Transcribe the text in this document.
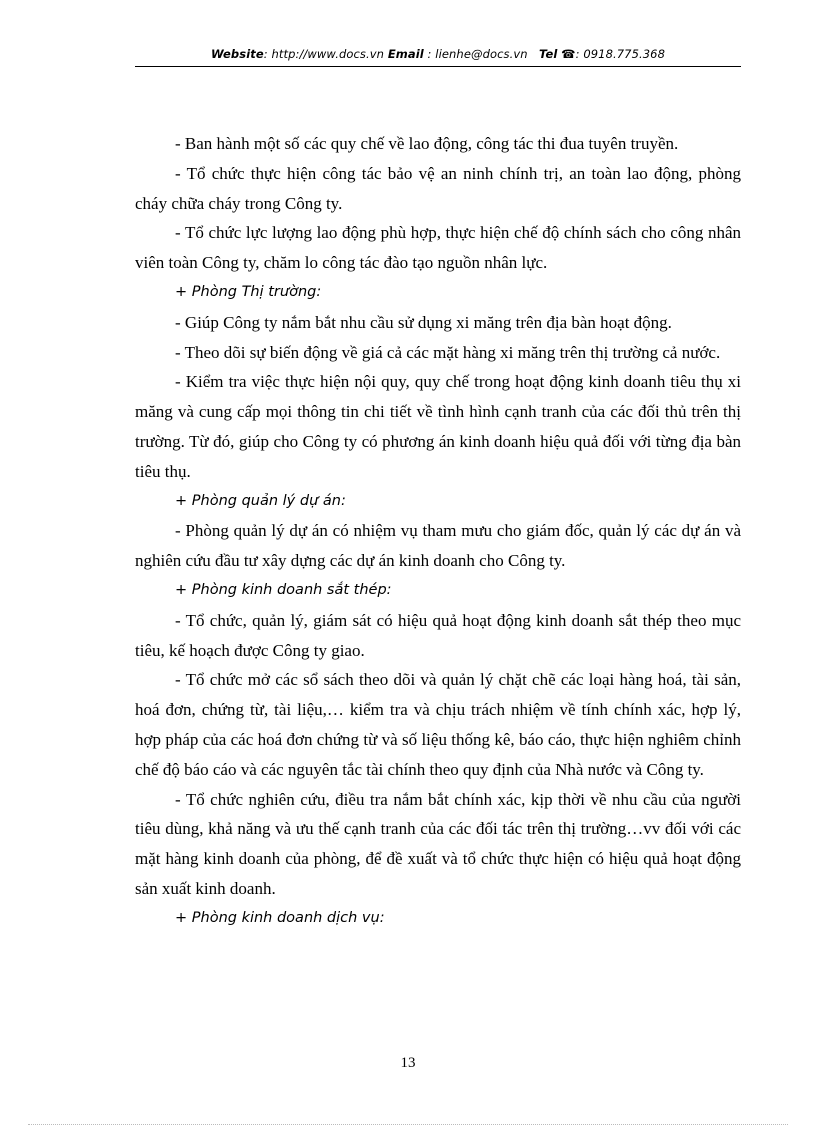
Website: http://www.docs.vn Email : lienhe@docs.vn Tel ☎: 0918.775.368

- Ban hành một số các quy chế về lao động, công tác thi đua tuyên truyền.

- Tổ chức thực hiện công tác bảo vệ an ninh chính trị, an toàn lao động, phòng cháy chữa cháy trong Công ty.

- Tổ chức lực lượng lao động phù hợp, thực hiện chế độ chính sách cho công nhân viên toàn Công ty, chăm lo công tác đào tạo nguồn nhân lực.

+ Phòng Thị trường:

- Giúp Công ty nắm bắt nhu cầu sử dụng xi măng trên địa bàn hoạt động.

- Theo dõi sự biến động về giá cả các mặt hàng xi măng trên thị trường cả nước.

- Kiểm tra việc thực hiện nội quy, quy chế trong hoạt động kinh doanh tiêu thụ xi măng và cung cấp mọi thông tin chi tiết về tình hình cạnh tranh của các đối thủ trên thị trường. Từ đó, giúp cho Công ty có phương án kinh doanh hiệu quả đối với từng địa bàn tiêu thụ.

+ Phòng quản lý dự án:

- Phòng quản lý dự án có nhiệm vụ tham mưu cho giám đốc, quản lý các dự án và nghiên cứu đầu tư xây dựng các dự án kinh doanh cho Công ty.

+ Phòng kinh doanh sắt thép:

- Tổ chức, quản lý, giám sát có hiệu quả hoạt động kinh doanh sắt thép theo mục tiêu, kế hoạch được Công ty giao.

- Tổ chức mở các sổ sách theo dõi và quản lý chặt chẽ các loại hàng hoá, tài sản, hoá đơn, chứng từ, tài liệu,… kiểm tra và chịu trách nhiệm về tính chính xác, hợp lý, hợp pháp của các hoá đơn chứng từ và số liệu thống kê, báo cáo, thực hiện nghiêm chỉnh chế độ báo cáo và các nguyên tắc tài chính theo quy định của Nhà nước và Công ty.

- Tổ chức nghiên cứu, điều tra nắm bắt chính xác, kịp thời về nhu cầu của người tiêu dùng, khả năng và ưu thế cạnh tranh của các đối tác trên thị trường…vv đối với các mặt hàng kinh doanh của phòng, để đề xuất và tổ chức thực hiện có hiệu quả hoạt động sản xuất kinh doanh.

+ Phòng kinh doanh dịch vụ:

13
